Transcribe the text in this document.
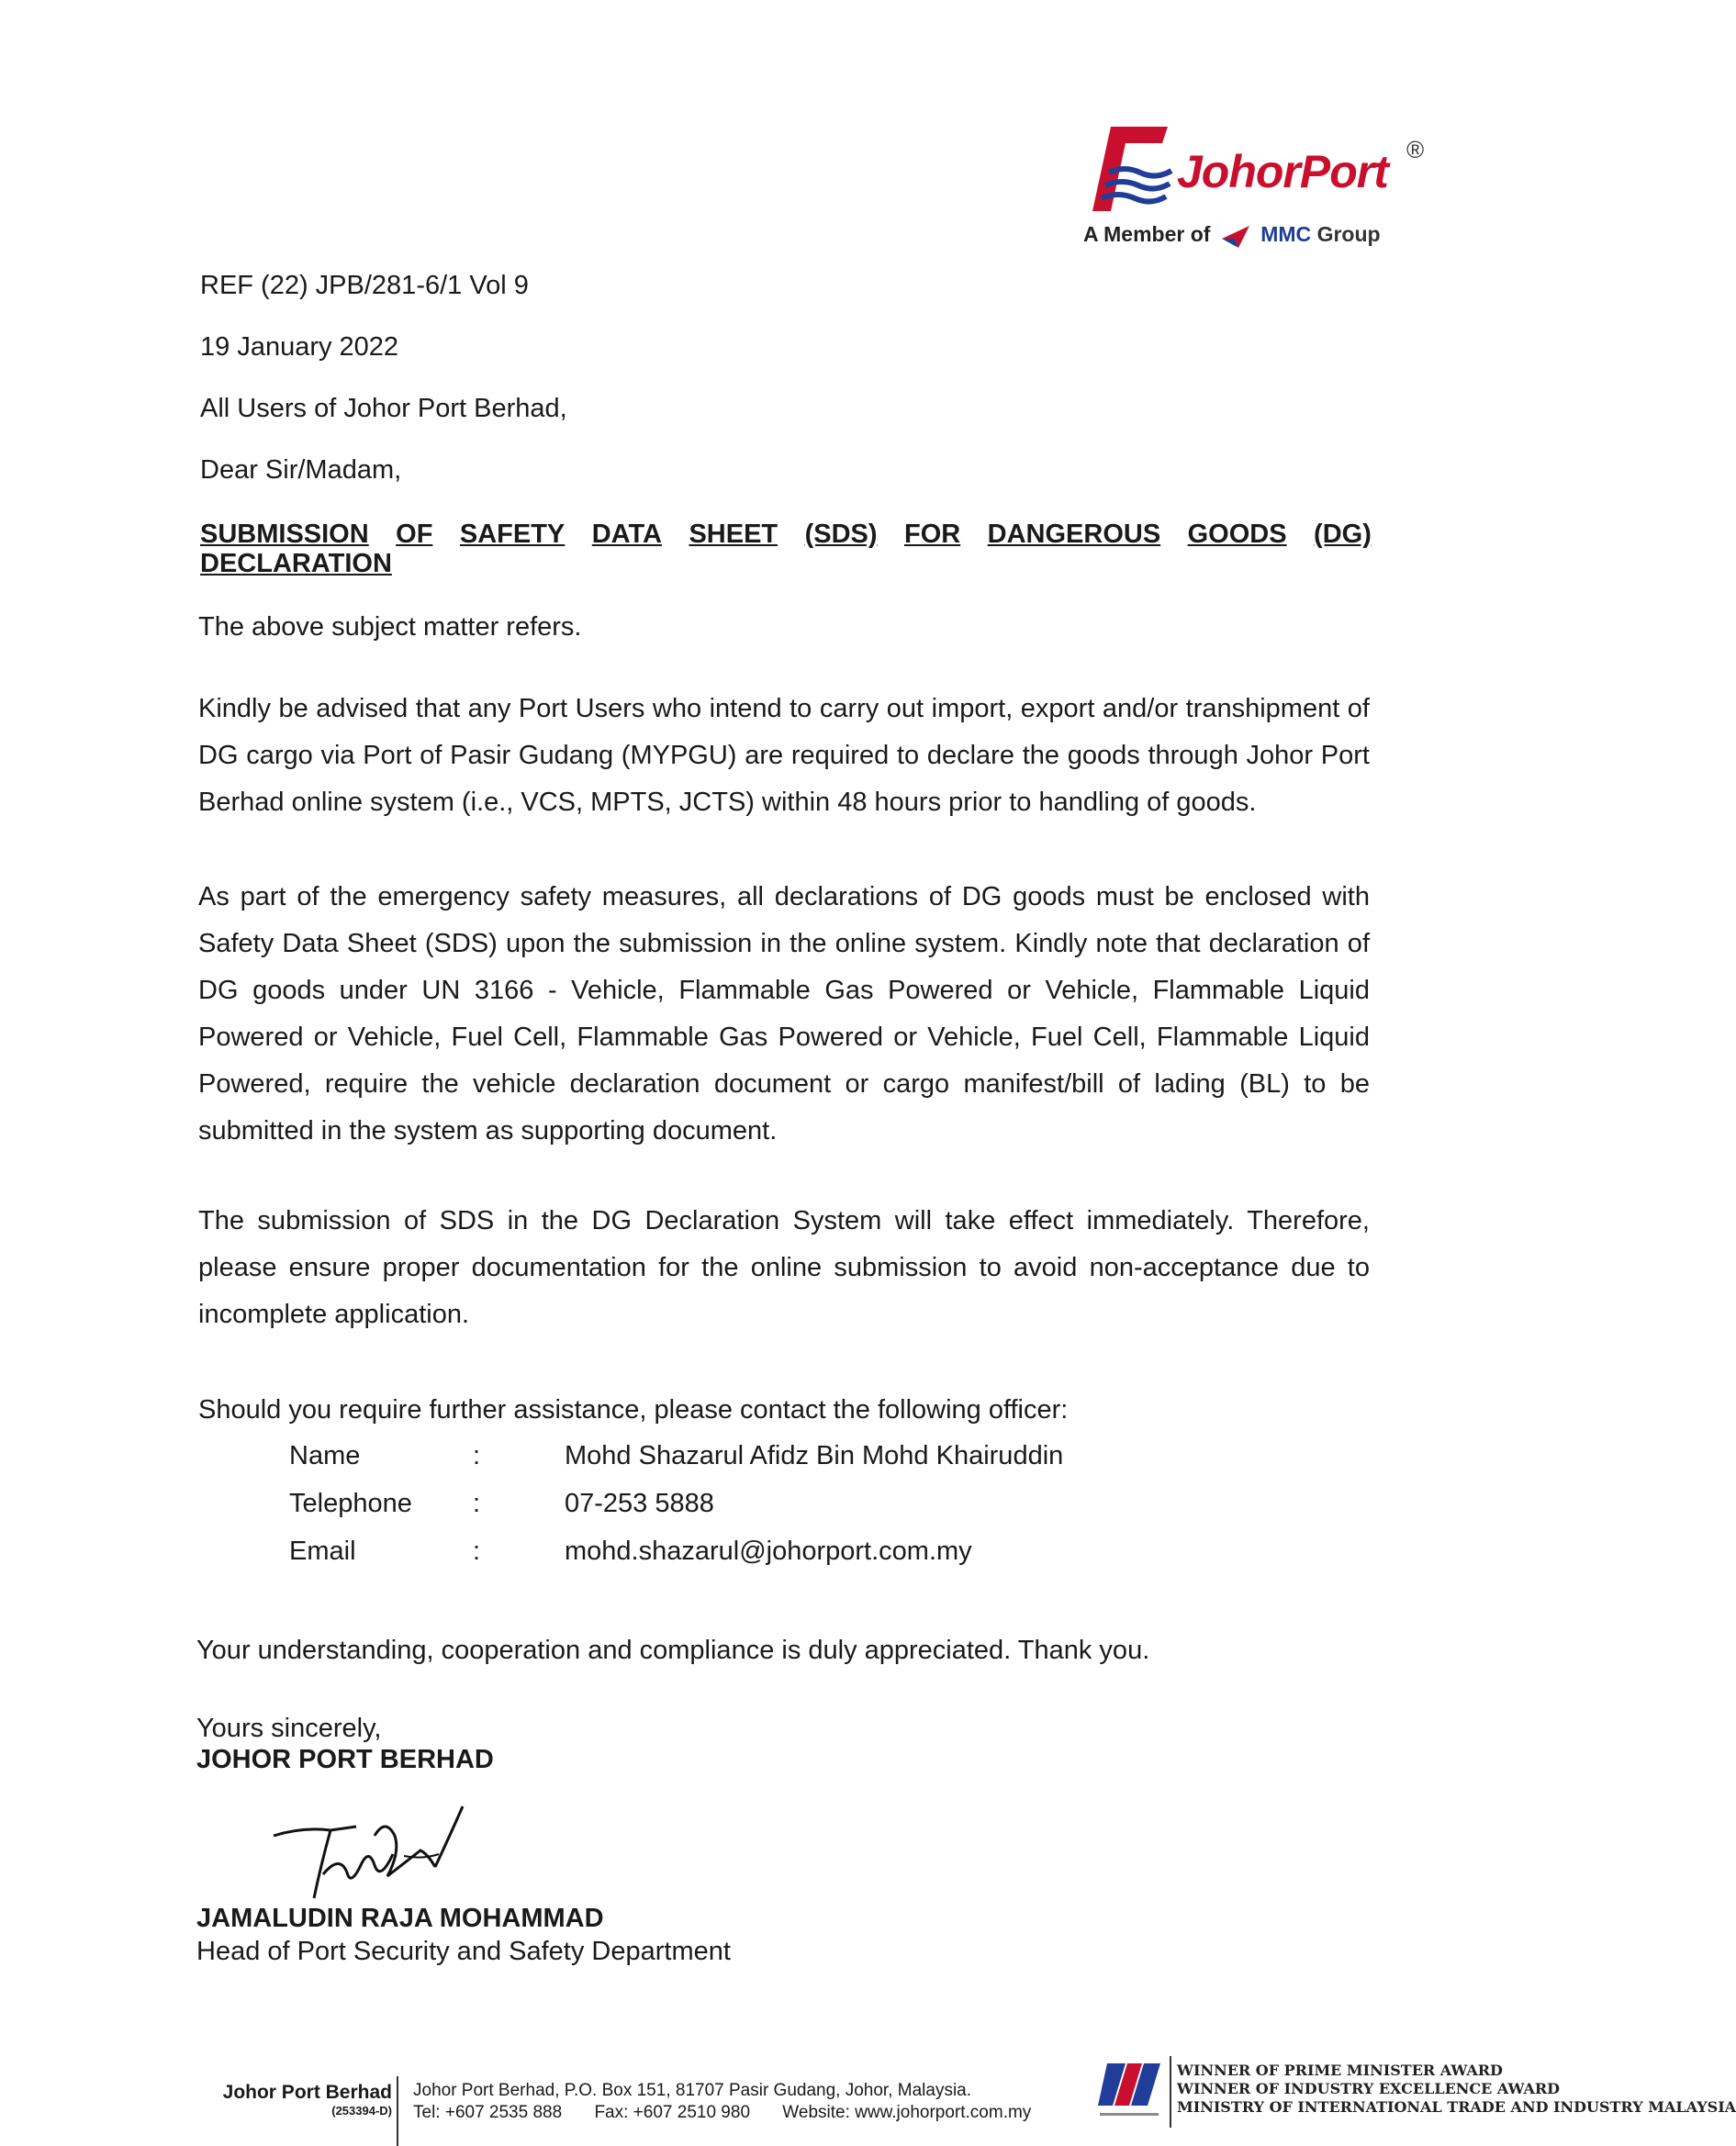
JohorPort ®
A Member of MMC Group
REF (22) JPB/281-6/1 Vol 9
19 January 2022
All Users of Johor Port Berhad,
Dear Sir/Madam,
SUBMISSION OF SAFETY DATA SHEET (SDS) FOR DANGEROUS GOODS (DG)
DECLARATION
The above subject matter refers.
Kindly be advised that any Port Users who intend to carry out import, export and/or transhipment of DG cargo via Port of Pasir Gudang (MYPGU) are required to declare the goods through Johor Port Berhad online system (i.e., VCS, MPTS, JCTS) within 48 hours prior to handling of goods.
As part of the emergency safety measures, all declarations of DG goods must be enclosed with Safety Data Sheet (SDS) upon the submission in the online system. Kindly note that declaration of DG goods under UN 3166 - Vehicle, Flammable Gas Powered or Vehicle, Flammable Liquid Powered or Vehicle, Fuel Cell, Flammable Gas Powered or Vehicle, Fuel Cell, Flammable Liquid Powered, require the vehicle declaration document or cargo manifest/bill of lading (BL) to be submitted in the system as supporting document.
The submission of SDS in the DG Declaration System will take effect immediately. Therefore, please ensure proper documentation for the online submission to avoid non-acceptance due to incomplete application.
Should you require further assistance, please contact the following officer:
Name	:	Mohd Shazarul Afidz Bin Mohd Khairuddin
Telephone :	07-253 5888
Email	:	mohd.shazarul@johorport.com.my
Your understanding, cooperation and compliance is duly appreciated. Thank you.
Yours sincerely,
JOHOR PORT BERHAD
JAMALUDIN RAJA MOHAMMAD
Head of Port Security and Safety Department
Johor Port Berhad
(253394-D)
Johor Port Berhad, P.O. Box 151, 81707 Pasir Gudang, Johor, Malaysia.
Tel: +607 2535 888 Fax: +607 2510 980 Website: www.johorport.com.my
WINNER OF PRIME MINISTER AWARD
WINNER OF INDUSTRY EXCELLENCE AWARD
MINISTRY OF INTERNATIONAL TRADE AND INDUSTRY MALAYSIA
